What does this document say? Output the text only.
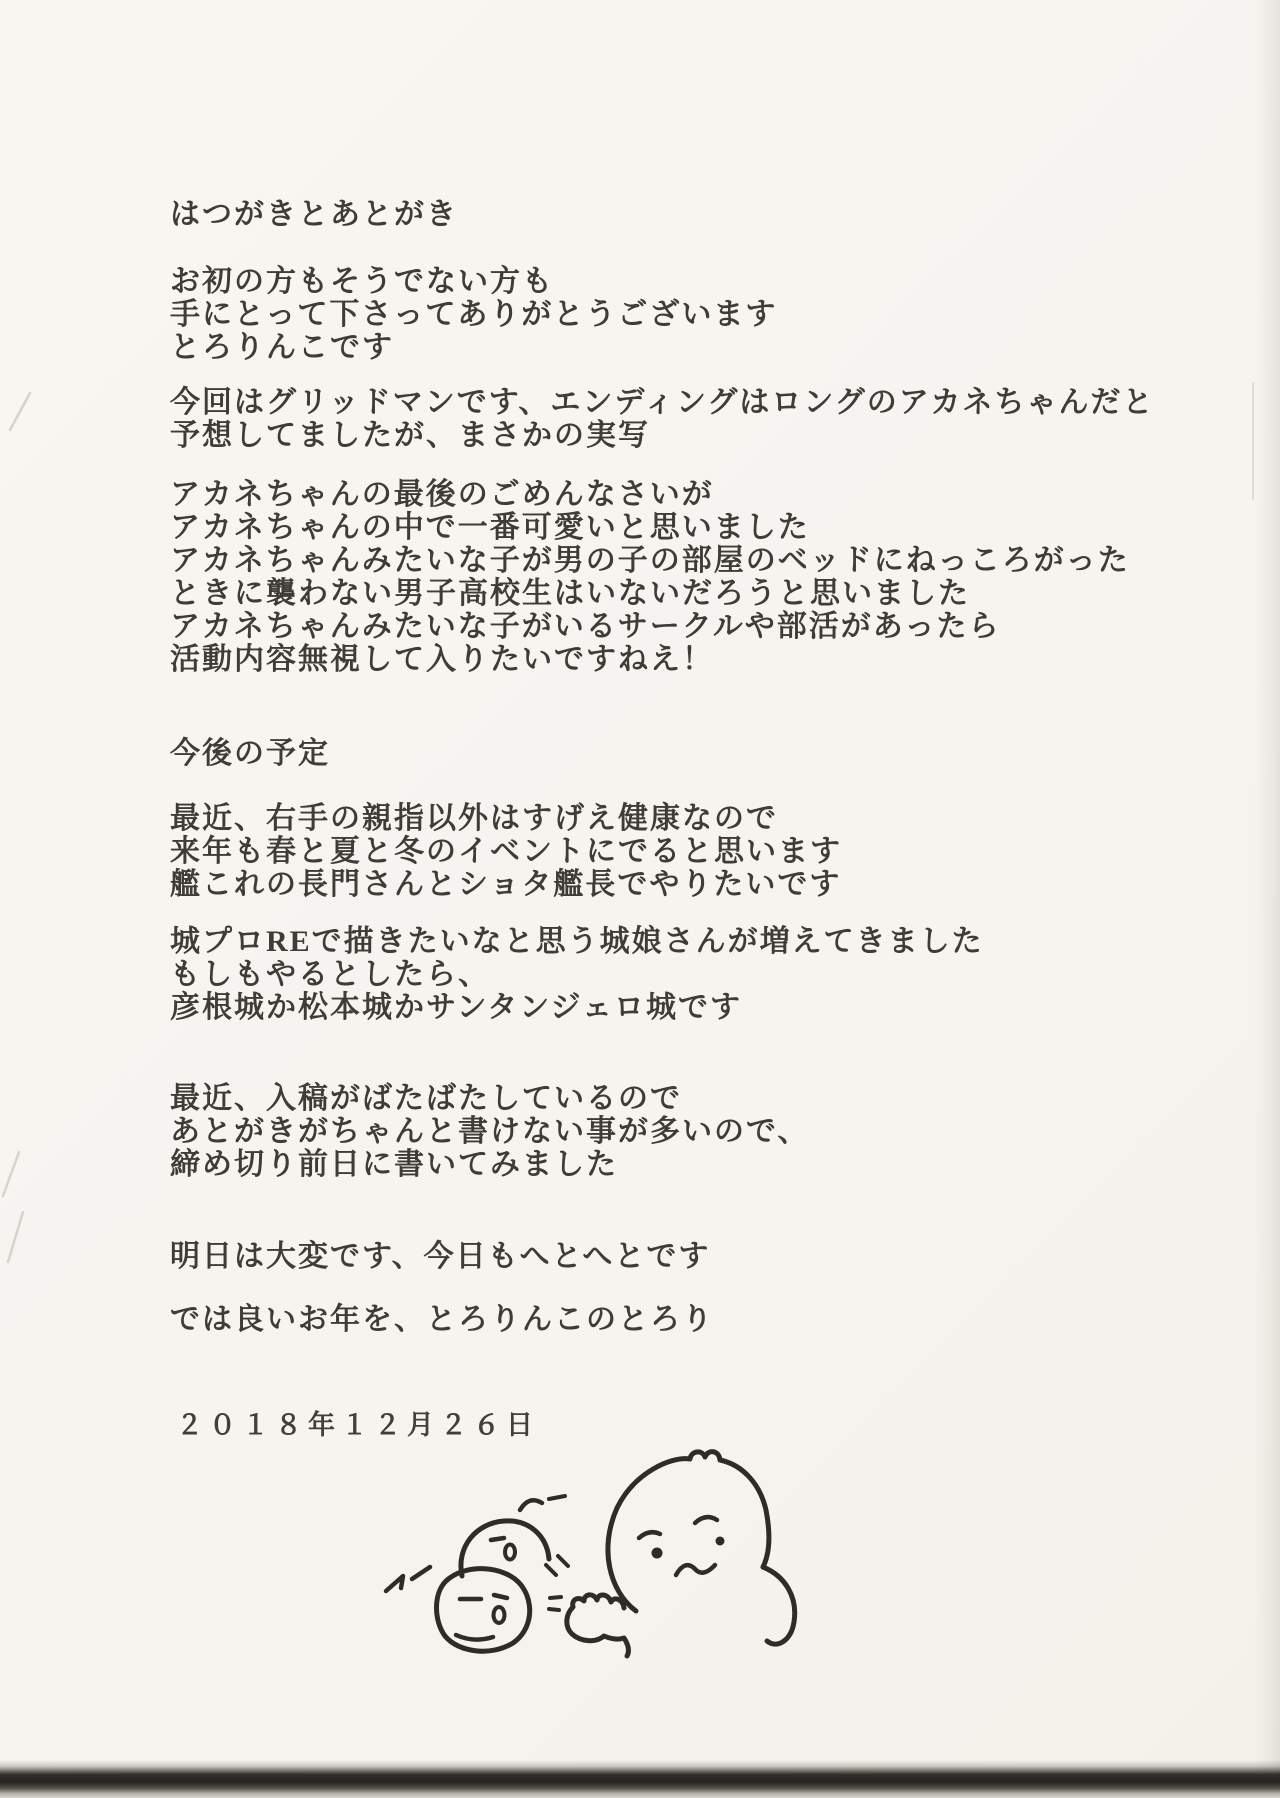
はつがきとあとがき
お初の方もそうでない方も
手にとって下さってありがとうございます
とろりんこです
今回はグリッドマンです、エンディングはロングのアカネちゃんだと
予想してましたが、まさかの実写
アカネちゃんの最後のごめんなさいが
アカネちゃんの中で一番可愛いと思いました
アカネちゃんみたいな子が男の子の部屋のベッドにねっころがった
ときに襲わない男子高校生はいないだろうと思いました
アカネちゃんみたいな子がいるサークルや部活があったら
活動内容無視して入りたいですねえ！
今後の予定
最近、右手の親指以外はすげえ健康なので
来年も春と夏と冬のイベントにでると思います
艦これの長門さんとショタ艦長でやりたいです
城プロREで描きたいなと思う城娘さんが増えてきました
もしもやるとしたら、
彦根城か松本城かサンタンジェロ城です
最近、入稿がばたばたしているので
あとがきがちゃんと書けない事が多いので、
締め切り前日に書いてみました
明日は大変です、今日もへとへとです
では良いお年を、とろりんこのとろり
２０１８年１２月２６日
